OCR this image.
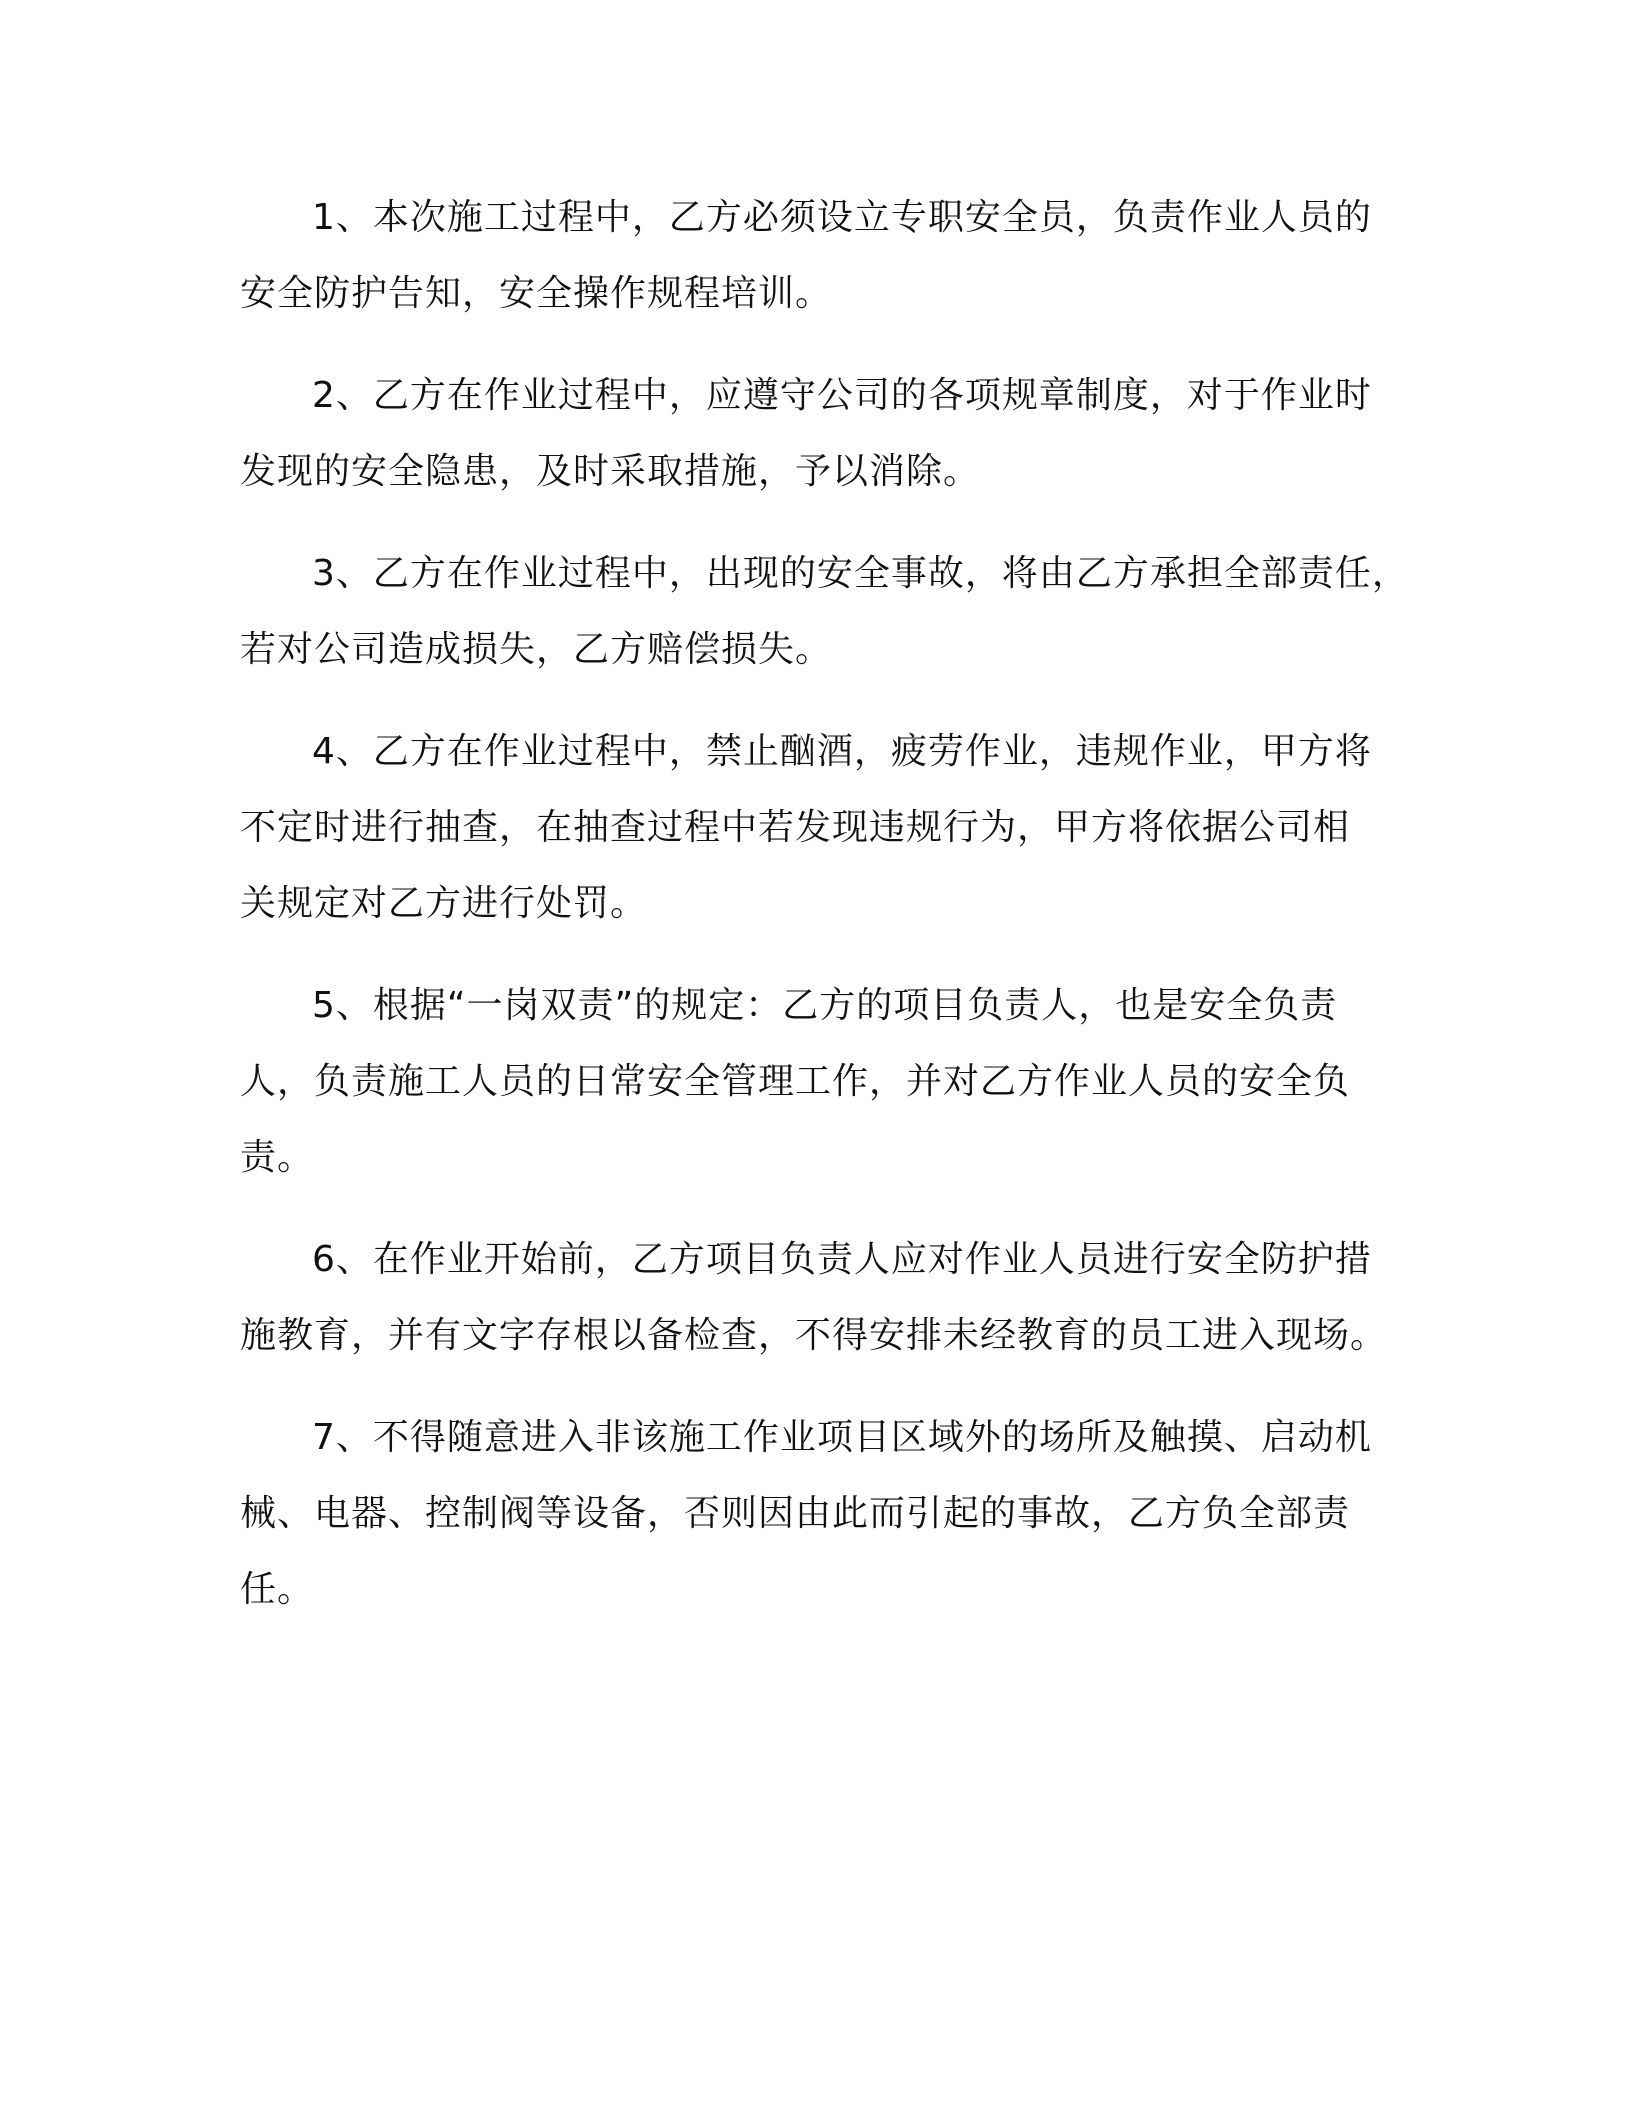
1、本次施工过程中，乙方必须设立专职安全员，负责作业人员的
安全防护告知，安全操作规程培训。
2、乙方在作业过程中，应遵守公司的各项规章制度，对于作业时
发现的安全隐患，及时采取措施，予以消除。
3、乙方在作业过程中，出现的安全事故，将由乙方承担全部责任，
若对公司造成损失，乙方赔偿损失。
4、乙方在作业过程中，禁止酗酒，疲劳作业，违规作业，甲方将
不定时进行抽查，在抽查过程中若发现违规行为，甲方将依据公司相
关规定对乙方进行处罚。
5、根据“一岗双责”的规定：乙方的项目负责人，也是安全负责
人，负责施工人员的日常安全管理工作，并对乙方作业人员的安全负
责。
6、在作业开始前，乙方项目负责人应对作业人员进行安全防护措
施教育，并有文字存根以备检查，不得安排未经教育的员工进入现场。
7、不得随意进入非该施工作业项目区域外的场所及触摸、启动机
械、电器、控制阀等设备，否则因由此而引起的事故，乙方负全部责
任。
